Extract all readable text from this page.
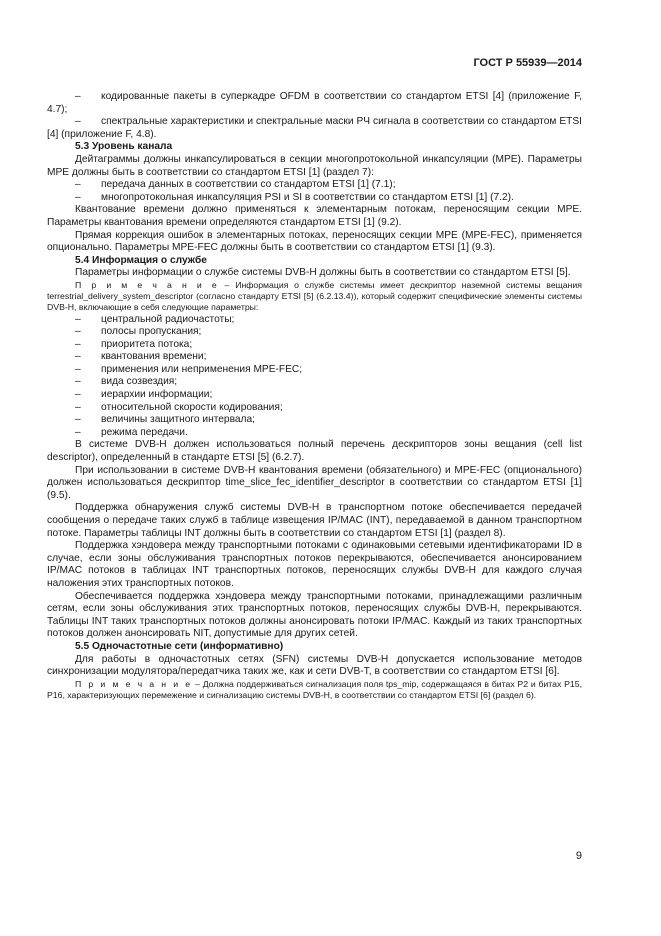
ГОСТ Р 55939—2014

– кодированные пакеты в суперкадре OFDM в соответствии со стандартом ETSI [4] (приложение F, 4.7);

– спектральные характеристики и спектральные маски РЧ сигнала в соответствии со стандартом ETSI [4] (приложение F, 4.8).

5.3 Уровень канала

Дейтаграммы должны инкапсулироваться в секции многопротокольной инкапсуляции (MPE). Параметры MPE должны быть в соответствии со стандартом ETSI [1] (раздел 7):

–	передача данных в соответствии со стандартом ETSI [1] (7.1);

–	многопротокольная инкапсуляция PSI и SI в соответствии со стандартом ETSI [1] (7.2).

Квантование времени должно применяться к элементарным потокам, переносящим секции MPE. Параметры квантования времени определяются стандартом ETSI [1] (9.2).

Прямая коррекция ошибок в элементарных потоках, переносящих секции MPE (MPE-FEC), применяется опционально. Параметры MPE-FEC должны быть в соответствии со стандартом ETSI [1] (9.3).

5.4 Информация о службе

Параметры информации о службе системы DVB-H должны быть в соответствии со стандартом ETSI [5].

П р и м е ч а н и е – Информация о службе системы имеет дескриптор наземной системы вещания terrestrial_delivery_system_descriptor (согласно стандарту ETSI [5] (6.2.13.4)), который содержит специфические элементы системы DVB-H, включающие в себя следующие параметры:

–	центральной радиочастоты;

–	полосы пропускания;

–	приоритета потока;

–	квантования времени;

–	применения или неприменения MPE-FEC;

–	вида созвездия;

–	иерархии информации;

–	относительной скорости кодирования;

–	величины защитного интервала;

–	режима передачи.

В системе DVB-H должен использоваться полный перечень дескрипторов зоны вещания (cell list descriptor), определенный в стандарте ETSI [5] (6.2.7).

При использовании в системе DVB-H квантования времени (обязательного) и MPE-FEC (опционального) должен использоваться дескриптор time_slice_fec_identifier_descriptor в соответствии со стандартом ETSI [1] (9.5).

Поддержка обнаружения служб системы DVB-H в транспортном потоке обеспечивается передачей сообщения о передаче таких служб в таблице извещения IP/MAC (INT), передаваемой в данном транспортном потоке. Параметры таблицы INT должны быть в соответствии со стандартом ETSI [1] (раздел 8).

Поддержка хэндовера между транспортными потоками с одинаковыми сетевыми идентификаторами ID в случае, если зоны обслуживания транспортных потоков перекрываются, обеспечивается анонсированием IP/MAC потоков в таблицах INT транспортных потоков, переносящих службы DVB-H для каждого случая наложения этих транспортных потоков.

Обеспечивается поддержка хэндовера между транспортными потоками, принадлежащими различным сетям, если зоны обслуживания этих транспортных потоков, переносящих службы DVB-H, перекрываются. Таблицы INT таких транспортных потоков должны анонсировать потоки IP/MAC. Каждый из таких транспортных потоков должен анонсировать NIT, допустимые для других сетей.

5.5 Одночастотные сети (информативно)

Для работы в одночастотных сетях (SFN) системы DVB-H допускается использование методов синхронизации модулятора/передатчика таких же, как и сети DVB-T, в соответствии со стандартом ETSI [6].

П р и м е ч а н и е – Должна поддерживаться сигнализация поля tps_mip, содержащаяся в битах P2 и битах P15, P16, характеризующих перемежение и сигнализацию системы DVB-H, в соответствии со стандартом ETSI [6] (раздел 6).

9
